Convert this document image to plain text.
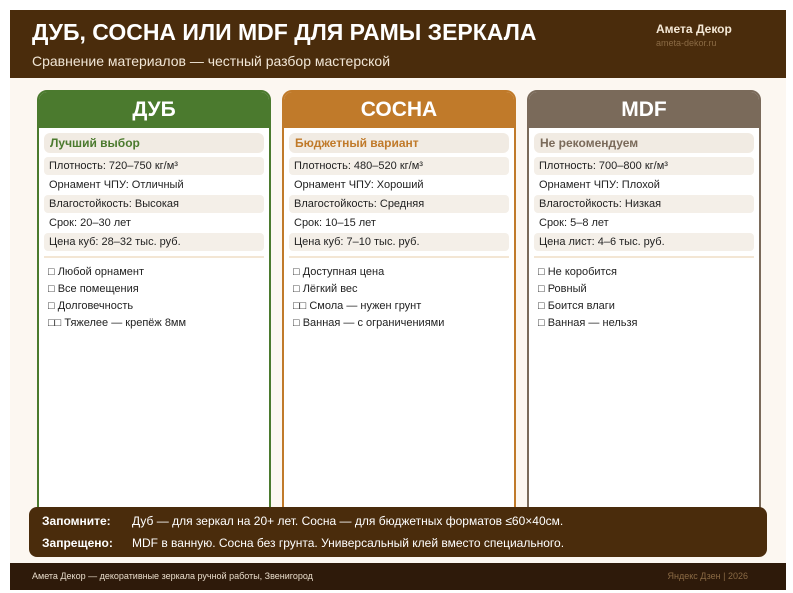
ДУБ, СОСНА ИЛИ MDF ДЛЯ РАМЫ ЗЕРКАЛА
Сравнение материалов — честный разбор мастерской
Амета Декор
ameta-dekor.ru
ДУБ
Лучший выбор
Плотность: 720–750 кг/м³
Орнамент ЧПУ: Отличный
Влагостойкость: Высокая
Срок: 20–30 лет
Цена куб: 28–32 тыс. руб.
□ Любой орнамент
□ Все помещения
□ Долговечность
□□ Тяжелее — крепёж 8мм
СОСНА
Бюджетный вариант
Плотность: 480–520 кг/м³
Орнамент ЧПУ: Хороший
Влагостойкость: Средняя
Срок: 10–15 лет
Цена куб: 7–10 тыс. руб.
□ Доступная цена
□ Лёгкий вес
□□ Смола — нужен грунт
□ Ванная — с ограничениями
MDF
Не рекомендуем
Плотность: 700–800 кг/м³
Орнамент ЧПУ: Плохой
Влагостойкость: Низкая
Срок: 5–8 лет
Цена лист: 4–6 тыс. руб.
□ Не коробится
□ Ровный
□ Боится влаги
□ Ванная — нельзя
Запомните: Дуб — для зеркал на 20+ лет. Сосна — для бюджетных форматов ≤60×40см.
Запрещено: MDF в ванную. Сосна без грунта. Универсальный клей вместо специального.
Амета Декор — декоративные зеркала ручной работы, Звенигород	Яндекс Дзен | 2026
